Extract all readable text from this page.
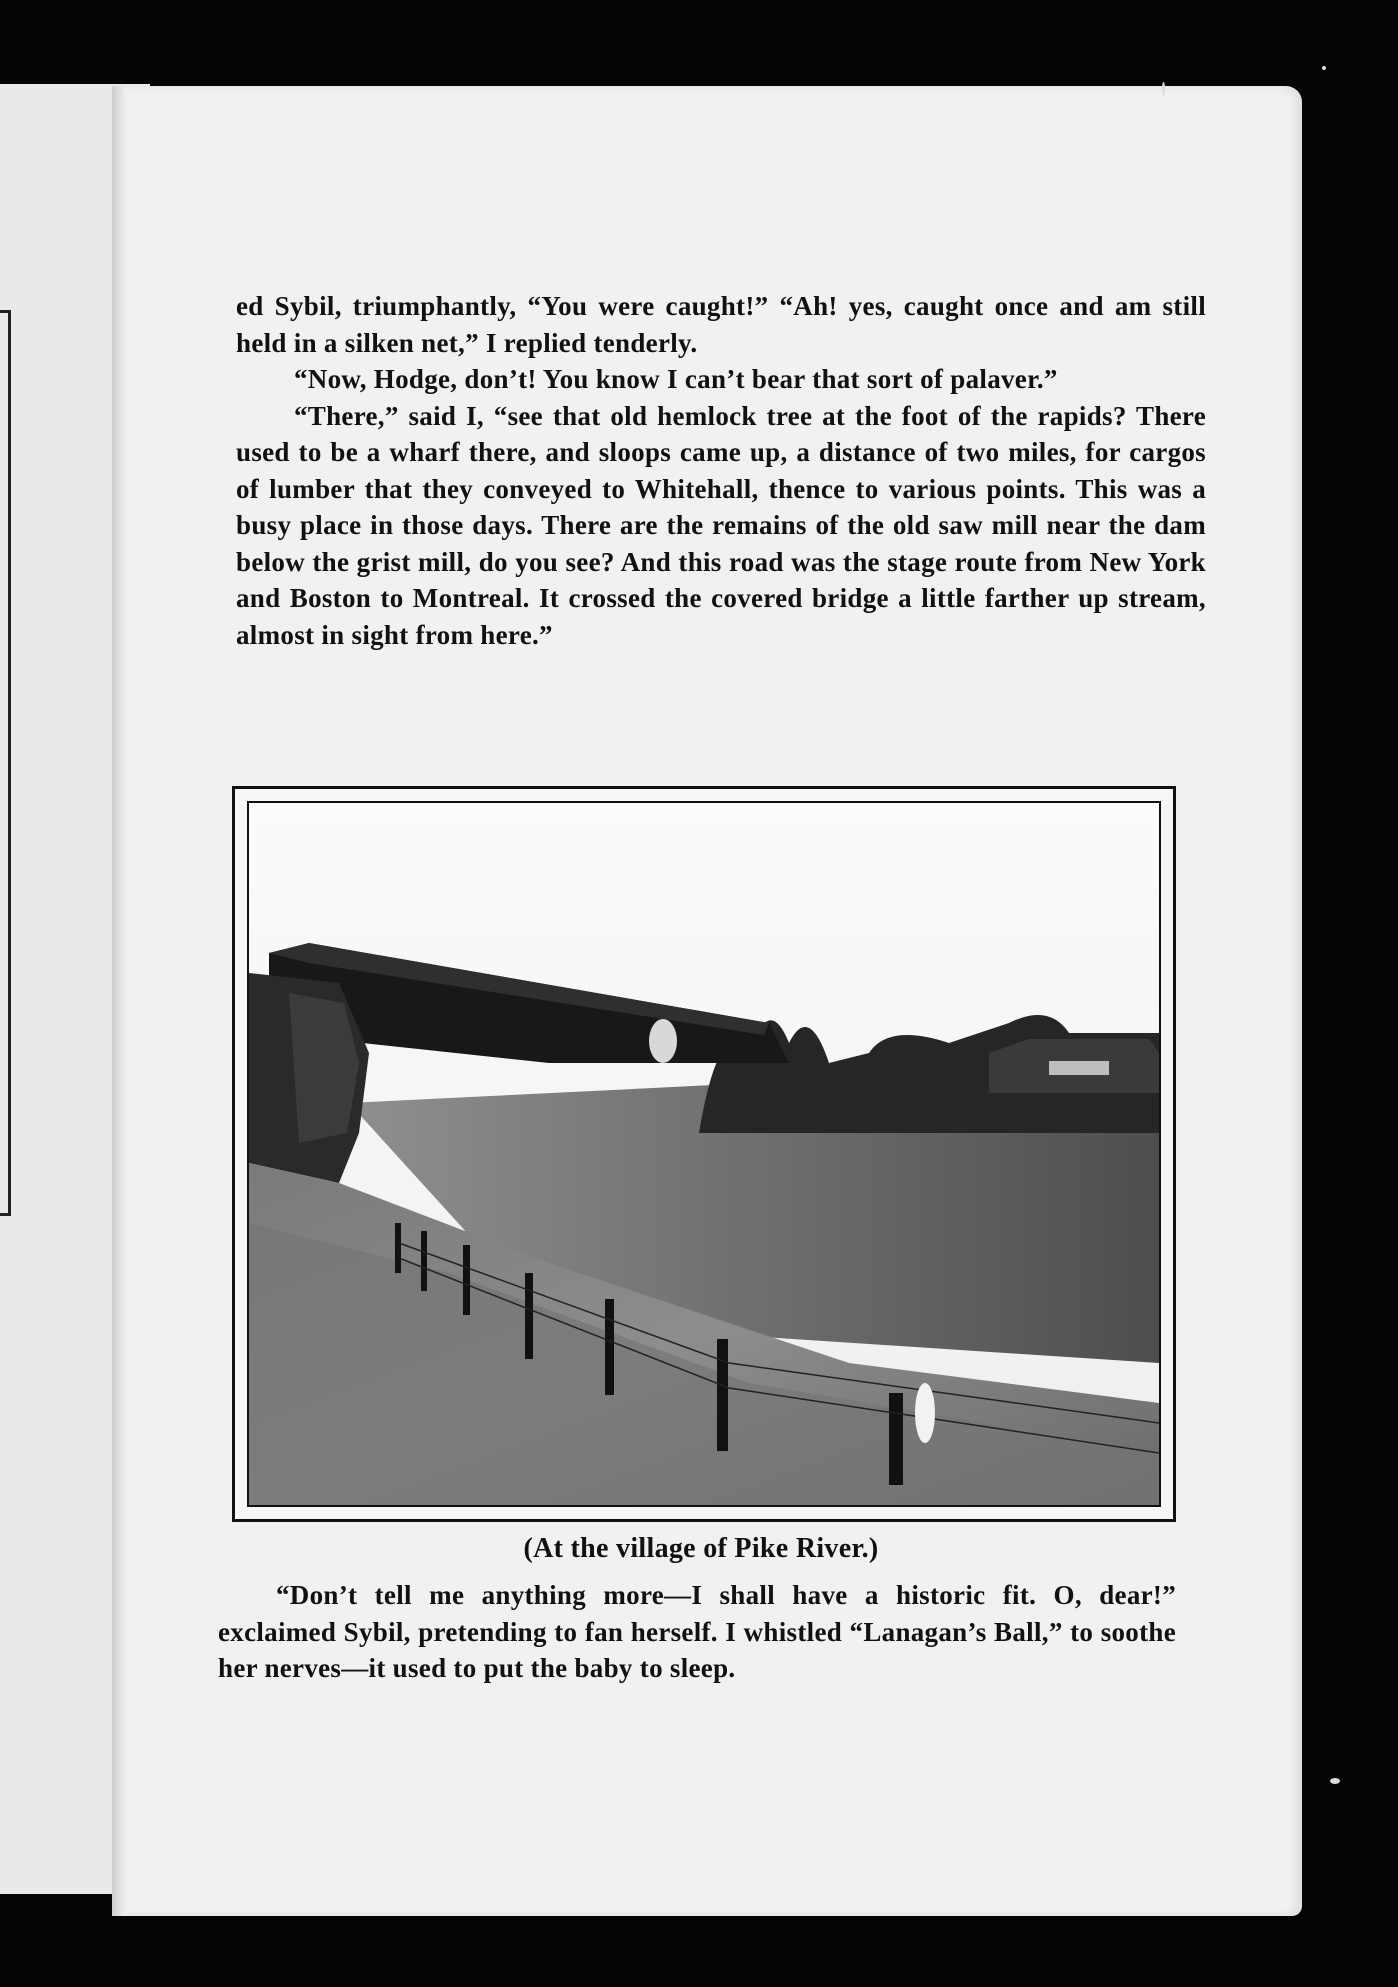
ed Sybil, triumphantly, “You were caught!” “Ah! yes, caught once and am still held in a silken net,” I replied tenderly.

“Now, Hodge, don’t! You know I can’t bear that sort of palaver.”

“There,” said I, “see that old hemlock tree at the foot of the rapids? There used to be a wharf there, and sloops came up, a distance of two miles, for cargos of lumber that they conveyed to Whitehall, thence to various points. This was a busy place in those days. There are the remains of the old saw mill near the dam below the grist mill, do you see? And this road was the stage route from New York and Boston to Montreal. It crossed the covered bridge a little farther up stream, almost in sight from here.”

(At the village of Pike River.)

“Don’t tell me anything more—I shall have a historic fit. O, dear!” exclaimed Sybil, pretending to fan herself. I whistled “Lanagan’s Ball,” to soothe her nerves—it used to put the baby to sleep.
